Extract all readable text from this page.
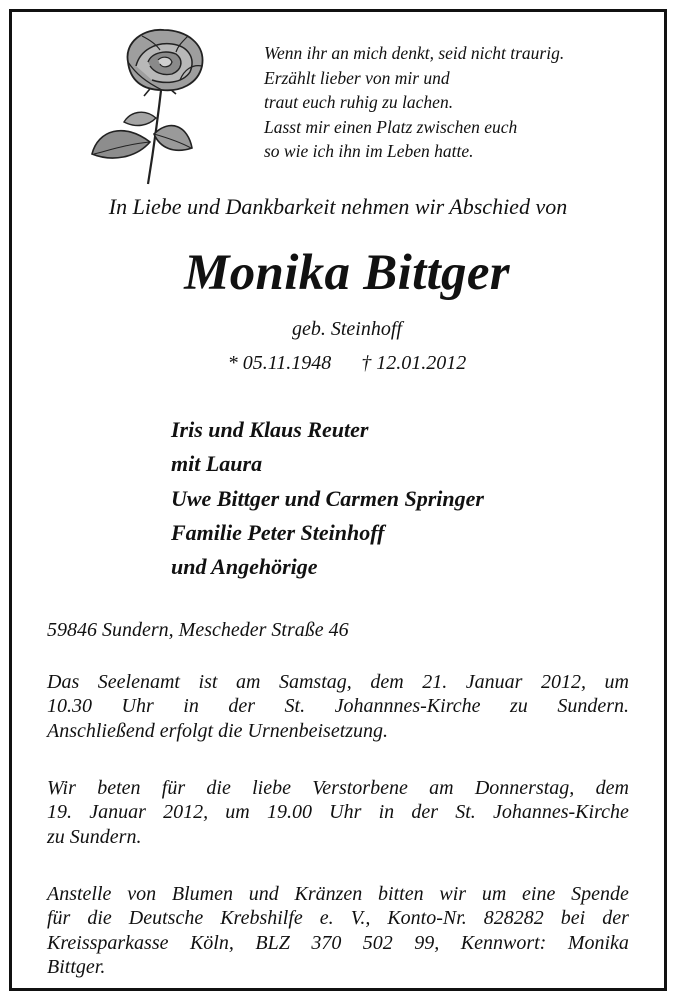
Wenn ihr an mich denkt, seid nicht traurig.
Erzählt lieber von mir und
traut euch ruhig zu lachen.
Lasst mir einen Platz zwischen euch
so wie ich ihn im Leben hatte.
In Liebe und Dankbarkeit nehmen wir Abschied von
Monika Bittger
geb. Steinhoff
* 05.11.1948 † 12.01.2012
Iris und Klaus Reuter
mit Laura
Uwe Bittger und Carmen Springer
Familie Peter Steinhoff
und Angehörige
59846 Sundern, Mescheder Straße 46
Das Seelenamt ist am Samstag, dem 21. Januar 2012, um
10.30 Uhr in der St. Johannnes-Kirche zu Sundern.
Anschließend erfolgt die Urnenbeisetzung.
Wir beten für die liebe Verstorbene am Donnerstag, dem
19. Januar 2012, um 19.00 Uhr in der St. Johannes-Kirche
zu Sundern.
Anstelle von Blumen und Kränzen bitten wir um eine Spende
für die Deutsche Krebshilfe e. V., Konto-Nr. 828282 bei der
Kreissparkasse Köln, BLZ 370 502 99, Kennwort: Monika
Bittger.
